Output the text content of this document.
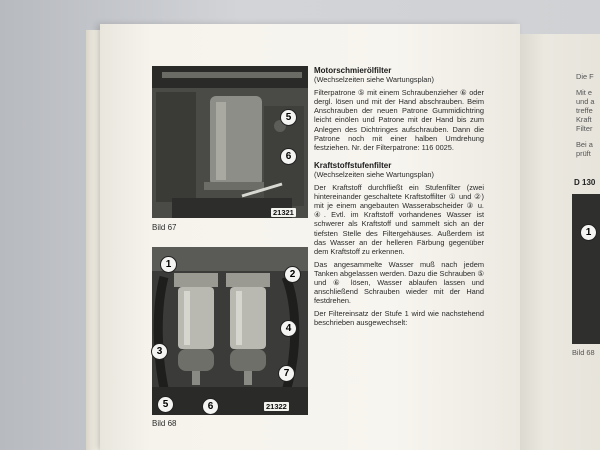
5
6
21321
Bild 67
1
2
3
4
5	6
7
21322
Bild 68
Motorschmierölfilter
(Wechselzeiten siehe Wartungsplan)

Filterpatrone ⑤ mit einem Schraubenzieher ⑥ oder dergl. lösen und mit der Hand abschrauben. Beim Anschrauben der neuen Patrone Gummidichtring leicht einölen und Patrone mit der Hand bis zum Anlegen des Dichtringes aufschrauben. Dann die Patrone noch mit einer halben Umdrehung festziehen. Nr. der Filterpatrone: 116 0025.

Kraftstoffstufenfilter
(Wechselzeiten siehe Wartungsplan)

Der Kraftstoff durchfließt ein Stufenfilter (zwei hintereinander geschaltete Kraftstoffilter ① und ②) mit je einem angebauten Wasserabscheider ③ u. ④. Evtl. im Kraftstoff vorhandenes Wasser ist schwerer als Kraftstoff und sammelt sich an der tiefsten Stelle des Filtergehäuses. Außerdem ist das Wasser an der helleren Färbung gegenüber dem Kraftstoff zu erkennen.

Das angesammelte Wasser muß nach jedem Tanken abgelassen werden. Dazu die Schrauben ⑤ und ⑥ lösen, Wasser ablaufen lassen und anschließend Schrauben wieder mit der Hand festdrehen.

Der Filtereinsatz der Stufe 1 wird wie nachstehend beschrieben ausgewechselt:

Die F
Mit e
und a
treffe
Kraft
Filter
Bei a
prüft
D 130
1
Bild 68
